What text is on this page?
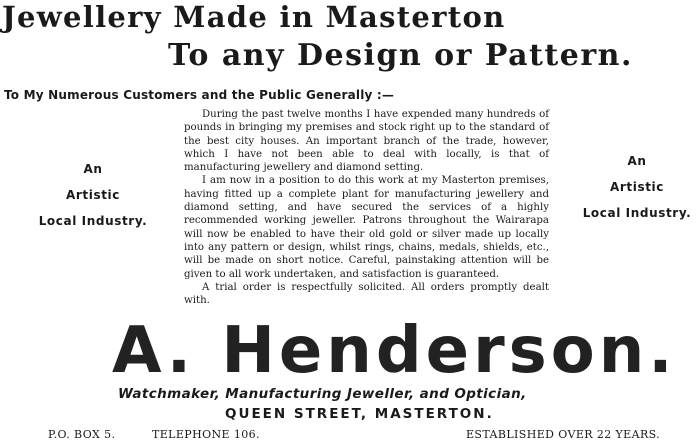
Jewellery Made in Masterton
To any Design or Pattern.
To My Numerous Customers and the Public Generally :—
An
Artistic
Local Industry.
An
Artistic
Local Industry.

During the past twelve months I have expended many hundreds of pounds in bringing my premises and stock right up to the standard of the best city houses. An important branch of the trade, however, which I have not been able to deal with locally, is that of manufacturing jewellery and diamond setting.

I am now in a position to do this work at my Masterton premises, having fitted up a complete plant for manufacturing jewellery and diamond setting, and have secured the services of a highly recommended working jeweller. Patrons throughout the Wairarapa will now be enabled to have their old gold or silver made up locally into any pattern or design, whilst rings, chains, medals, shields, etc., will be made on short notice. Careful, painstaking attention will be given to all work undertaken, and satisfaction is guaranteed.

A trial order is respectfully solicited. All orders promptly dealt with.

A. Henderson.
Watchmaker, Manufacturing Jeweller, and Optician,
QUEEN STREET, MASTERTON.
P.O. BOX 5.	TELEPHONE 106.	ESTABLISHED OVER 22 YEARS.
